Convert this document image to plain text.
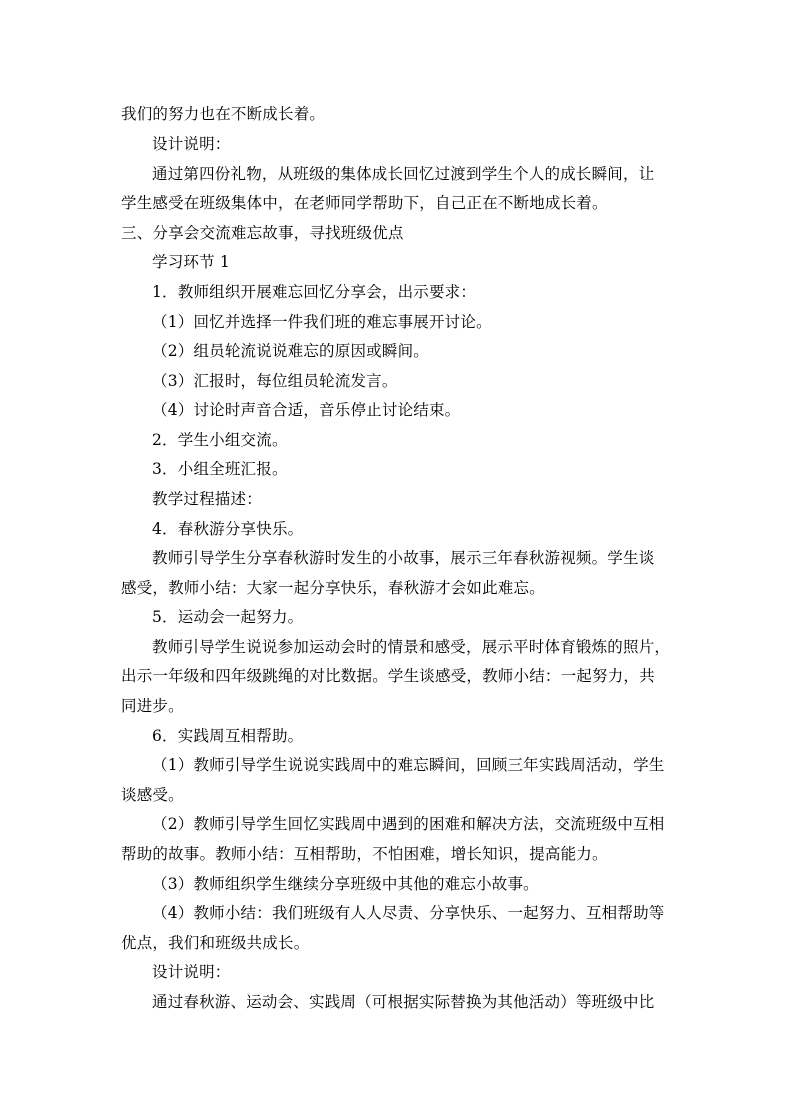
我们的努力也在不断成长着。

设计说明：

通过第四份礼物，从班级的集体成长回忆过渡到学生个人的成长瞬间，让

学生感受在班级集体中，在老师同学帮助下，自己正在不断地成长着。

三、分享会交流难忘故事，寻找班级优点

学习环节 1

1．教师组织开展难忘回忆分享会，出示要求：

（1）回忆并选择一件我们班的难忘事展开讨论。

（2）组员轮流说说难忘的原因或瞬间。

（3）汇报时，每位组员轮流发言。

（4）讨论时声音合适，音乐停止讨论结束。

2．学生小组交流。

3．小组全班汇报。

教学过程描述：

4．春秋游分享快乐。

教师引导学生分享春秋游时发生的小故事，展示三年春秋游视频。学生谈

感受，教师小结：大家一起分享快乐，春秋游才会如此难忘。

5．运动会一起努力。

教师引导学生说说参加运动会时的情景和感受，展示平时体育锻炼的照片，

出示一年级和四年级跳绳的对比数据。学生谈感受，教师小结：一起努力，共

同进步。

6．实践周互相帮助。

（1）教师引导学生说说实践周中的难忘瞬间，回顾三年实践周活动，学生

谈感受。

（2）教师引导学生回忆实践周中遇到的困难和解决方法，交流班级中互相

帮助的故事。教师小结：互相帮助，不怕困难，增长知识，提高能力。

（3）教师组织学生继续分享班级中其他的难忘小故事。

（4）教师小结：我们班级有人人尽责、分享快乐、一起努力、互相帮助等

优点，我们和班级共成长。

设计说明：

通过春秋游、运动会、实践周（可根据实际替换为其他活动）等班级中比
